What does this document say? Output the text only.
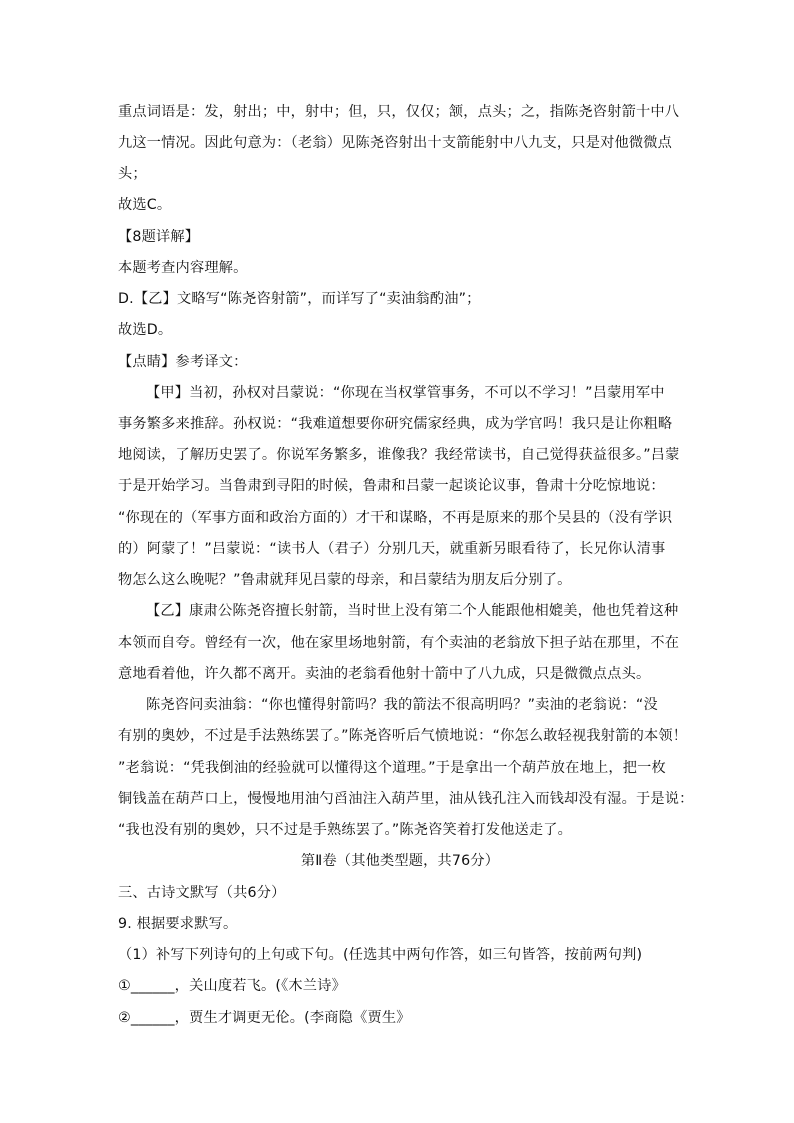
重点词语是：发，射出；中，射中；但，只，仅仅；颔，点头；之，指陈尧咨射箭十中八
九这一情况。因此句意为：（老翁）见陈尧咨射出十支箭能射中八九支，只是对他微微点
头；
故选C。
【8题详解】
本题考查内容理解。
D.【乙】文略写“陈尧咨射箭”，而详写了“卖油翁酌油”；
故选D。
【点睛】参考译文：
【甲】当初，孙权对吕蒙说：“你现在当权掌管事务，不可以不学习！”吕蒙用军中
事务繁多来推辞。孙权说：“我难道想要你研究儒家经典，成为学官吗！我只是让你粗略
地阅读，了解历史罢了。你说军务繁多，谁像我？我经常读书，自己觉得获益很多。”吕蒙
于是开始学习。当鲁肃到寻阳的时候，鲁肃和吕蒙一起谈论议事，鲁肃十分吃惊地说：
“你现在的（军事方面和政治方面的）才干和谋略，不再是原来的那个吴县的（没有学识
的）阿蒙了！”吕蒙说：“读书人（君子）分别几天，就重新另眼看待了，长兄你认清事
物怎么这么晚呢？”鲁肃就拜见吕蒙的母亲，和吕蒙结为朋友后分别了。
【乙】康肃公陈尧咨擅长射箭，当时世上没有第二个人能跟他相媲美，他也凭着这种
本领而自夸。曾经有一次，他在家里场地射箭，有个卖油的老翁放下担子站在那里，不在
意地看着他，许久都不离开。卖油的老翁看他射十箭中了八九成，只是微微点点头。
陈尧咨问卖油翁：“你也懂得射箭吗？我的箭法不很高明吗？”卖油的老翁说：“没
有别的奥妙，不过是手法熟练罢了。”陈尧咨听后气愤地说：“你怎么敢轻视我射箭的本领！
”老翁说：“凭我倒油的经验就可以懂得这个道理。”于是拿出一个葫芦放在地上，把一枚
铜钱盖在葫芦口上，慢慢地用油勺舀油注入葫芦里，油从钱孔注入而钱却没有湿。于是说：
“我也没有别的奥妙，只不过是手熟练罢了。”陈尧咨笑着打发他送走了。
第Ⅱ卷（其他类型题，共76分）
三、古诗文默写（共6分）
9. 根据要求默写。
（1）补写下列诗句的上句或下句。(任选其中两句作答，如三句皆答，按前两句判)
①______，关山度若飞。(《木兰诗》
②______，贾生才调更无伦。(李商隐《贾生》
